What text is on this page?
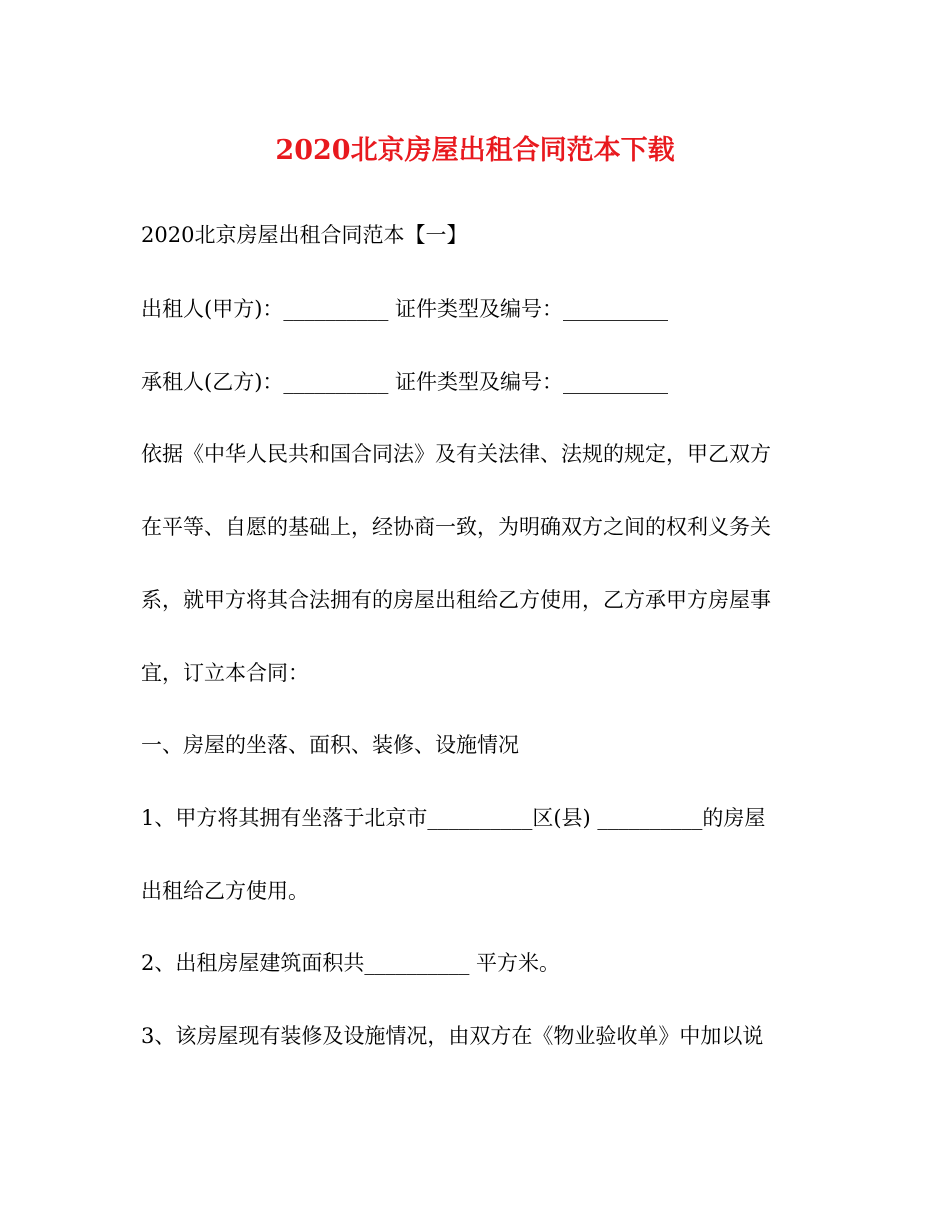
2020北京房屋出租合同范本下载
2020北京房屋出租合同范本【一】
出租人(甲方)：__________ 证件类型及编号：__________
承租人(乙方)：__________ 证件类型及编号：__________
依据《中华人民共和国合同法》及有关法律、法规的规定，甲乙双方
在平等、自愿的基础上，经协商一致，为明确双方之间的权利义务关
系，就甲方将其合法拥有的房屋出租给乙方使用，乙方承甲方房屋事
宜，订立本合同：
一、房屋的坐落、面积、装修、设施情况
1、甲方将其拥有坐落于北京市__________区(县) __________的房屋
出租给乙方使用。
2、出租房屋建筑面积共__________ 平方米。
3、该房屋现有装修及设施情况，由双方在《物业验收单》中加以说
